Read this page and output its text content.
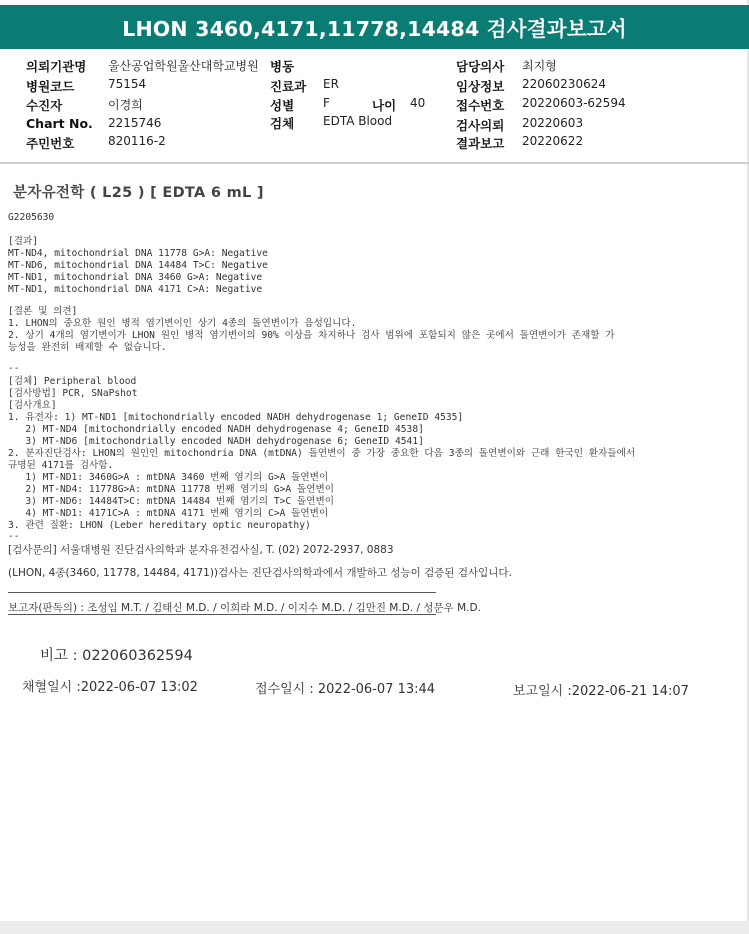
LHON 3460,4171,11778,14484 검사결과보고서
의뢰기관명 울산공업학원울산대학교병원 병동	담당의사 최지형
병원코드	75154	진료과 ER	임상정보 22060230624
수진자	이경희	성별 F	나이 40 접수번호 20220603-62594
Chart No. 2215746	검체 EDTA Blood	검사의뢰 20220603
주민번호	820116-2	결과보고 20220622
분자유전학 ( L25 ) [ EDTA 6 mL ]
G2205630
[결과]
MT-ND4, mitochondrial DNA 11778 G>A: Negative
MT-ND6, mitochondrial DNA 14484 T>C: Negative
MT-ND1, mitochondrial DNA 3460 G>A: Negative
MT-ND1, mitochondrial DNA 4171 C>A: Negative
[결론 및 의견]
1. LHON의 중요한 원인 병적 염기변이인 상기 4종의 돌연변이가 음성입니다.
2. 상기 4개의 염기변이가 LHON 원인 병적 염기변이의 90% 이상을 차지하나 검사 범위에 포함되지 않은 곳에서 돌연변이가 존재할 가
능성을 완전히 배제할 수 없습니다.
--
[검체] Peripheral blood
[검사방법] PCR, SNaPshot
[검사개요]
1. 유전자: 1) MT-ND1 [mitochondrially encoded NADH dehydrogenase 1; GeneID 4535]
2) MT-ND4 [mitochondrially encoded NADH dehydrogenase 4; GeneID 4538]
3) MT-ND6 [mitochondrially encoded NADH dehydrogenase 6; GeneID 4541]
2. 분자진단검사: LHON의 원인인 mitochondria DNA (mtDNA) 돌연변이 중 가장 중요한 다음 3종의 돌연변이와 근래 한국인 환자들에서
규명된 4171를 검사함.
1) MT-ND1: 3460G>A : mtDNA 3460 번째 염기의 G>A 돌연변이
2) MT-ND4: 11778G>A: mtDNA 11778 번째 염기의 G>A 돌연변이
3) MT-ND6: 14484T>C: mtDNA 14484 번째 염기의 T>C 돌연변이
4) MT-ND1: 4171C>A : mtDNA 4171 번째 염기의 C>A 돌연변이
3. 관련 질환: LHON (Leber hereditary optic neuropathy)
--
[검사문의] 서울대병원 진단검사의학과 분자유전검사실, T. (02) 2072-2937, 0883
(LHON, 4종(3460, 11778, 14484, 4171))검사는 진단검사의학과에서 개발하고 성능이 검증된 검사입니다.
보고자(판독의) : 조성임 M.T. / 김태신 M.D. / 이희라 M.D. / 이지수 M.D. / 김만진 M.D. / 성문우 M.D.
비고 : 022060362594
채혈일시 :2022-06-07 13:02	접수일시 : 2022-06-07 13:44	보고일시 :2022-06-21 14:07
